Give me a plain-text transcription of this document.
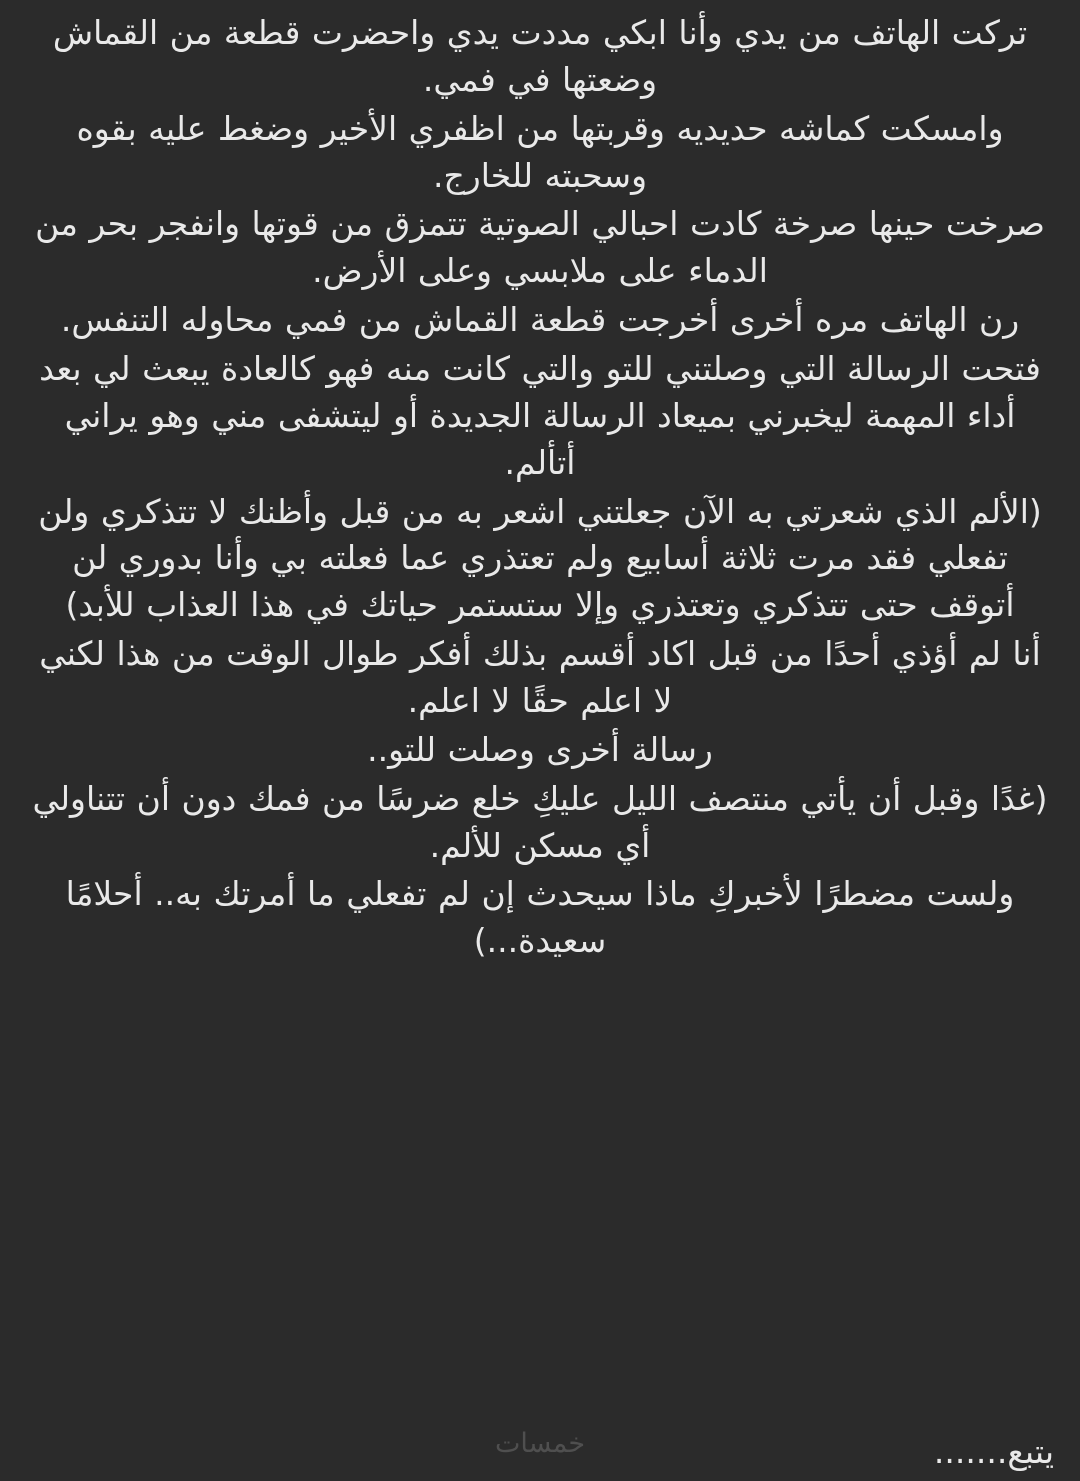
تركت الهاتف من يدي وأنا ابكي مددت يدي واحضرت قطعة من القماش وضعتها في فمي.

وامسكت كماشه حديديه وقربتها من اظفري الأخير وضغط عليه بقوه وسحبته للخارج.

صرخت حينها صرخة كادت احبالي الصوتية تتمزق من قوتها وانفجر بحر من الدماء على ملابسي وعلى الأرض.

رن الهاتف مره أخرى أخرجت قطعة القماش من فمي محاوله التنفس.

فتحت الرسالة التي وصلتني للتو والتي كانت منه فهو كالعادة يبعث لي بعد أداء المهمة ليخبرني بميعاد الرسالة الجديدة أو ليتشفى مني وهو يراني أتألم.

(الألم الذي شعرتي به الآن جعلتني اشعر به من قبل وأظنك لا تتذكري ولن تفعلي فقد مرت ثلاثة أسابيع ولم تعتذري عما فعلته بي وأنا بدوري لن أتوقف حتى تتذكري وتعتذري وإلا ستستمر حياتك في هذا العذاب للأبد)

أنا لم أؤذي أحدًا من قبل اكاد أقسم بذلك أفكر طوال الوقت من هذا لكني لا اعلم حقًا لا اعلم.

رسالة أخرى وصلت للتو..

(غدًا وقبل أن يأتي منتصف الليل عليكِ خلع ضرسًا من فمك دون أن تتناولي أي مسكن للألم.

ولست مضطرًا لأخبركِ ماذا سيحدث إن لم تفعلي ما أمرتك به.. أحلامًا سعيدة...)

يتبع.......
خمسات
